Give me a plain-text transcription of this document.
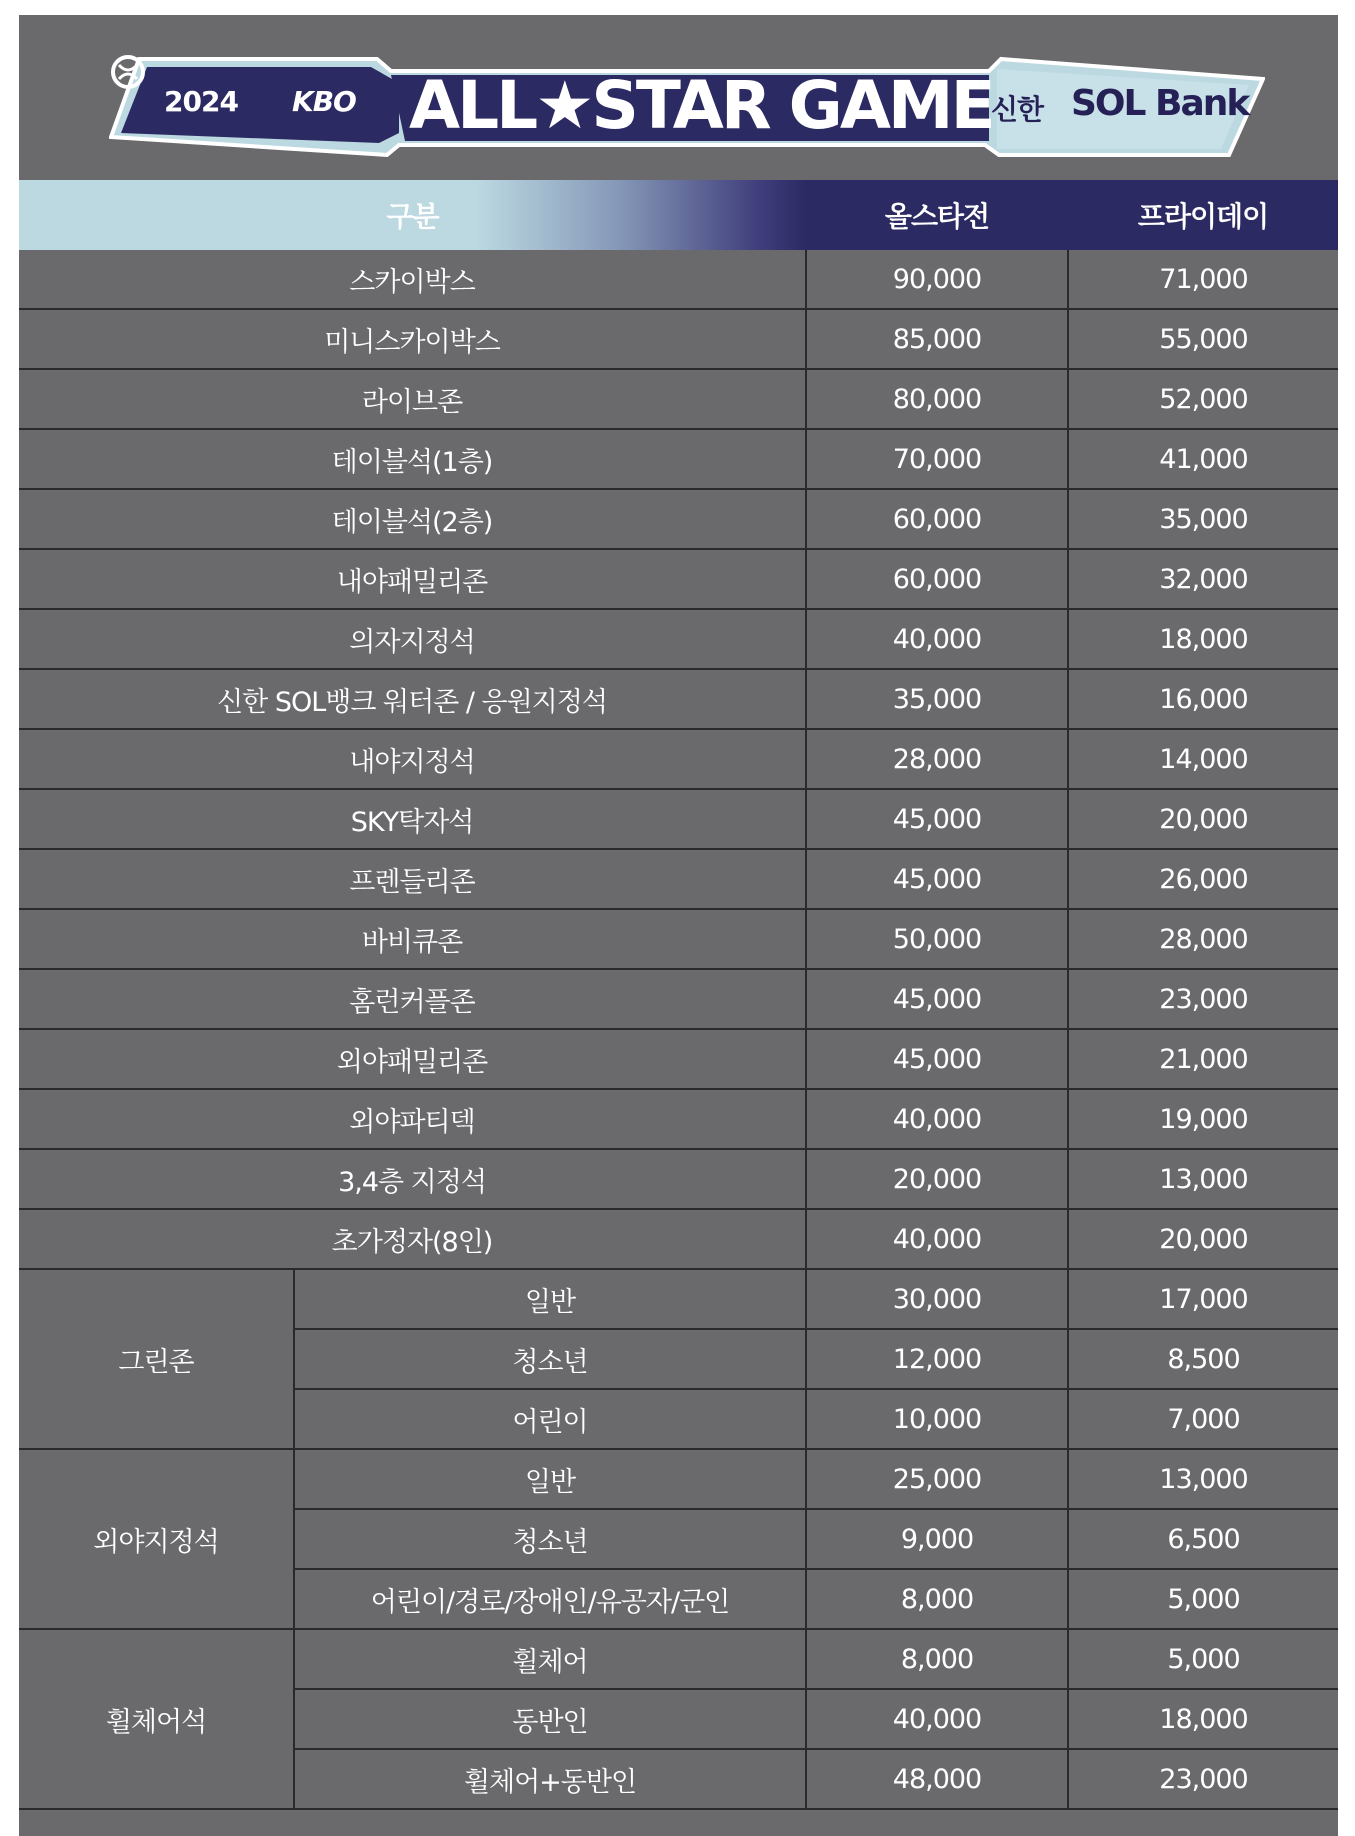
2024 KBO ALL★STAR GAME
신한 SOL Bank
구분		올스타전	프라이데이
스카이박스		90,000	71,000
미니스카이박스		85,000	55,000
라이브존		80,000	52,000
테이블석(1층)		70,000	41,000
테이블석(2층)		60,000	35,000
내야패밀리존		60,000	32,000
의자지정석		40,000	18,000
신한 SOL뱅크 워터존 / 응원지정석		35,000	16,000
내야지정석		28,000	14,000
SKY탁자석		45,000	20,000
프렌들리존		45,000	26,000
바비큐존		50,000	28,000
홈런커플존		45,000	23,000
외야패밀리존		45,000	21,000
외야파티덱		40,000	19,000
3,4층 지정석		20,000	13,000
초가정자(8인)		40,000	20,000
그린존	일반	30,000	17,000
	청소년	12,000	8,500
	어린이	10,000	7,000
외야지정석	일반	25,000	13,000
	청소년	9,000	6,500
	어린이/경로/장애인/유공자/군인	8,000	5,000
휠체어석	휠체어	8,000	5,000
	동반인	40,000	18,000
	휠체어+동반인	48,000	23,000
